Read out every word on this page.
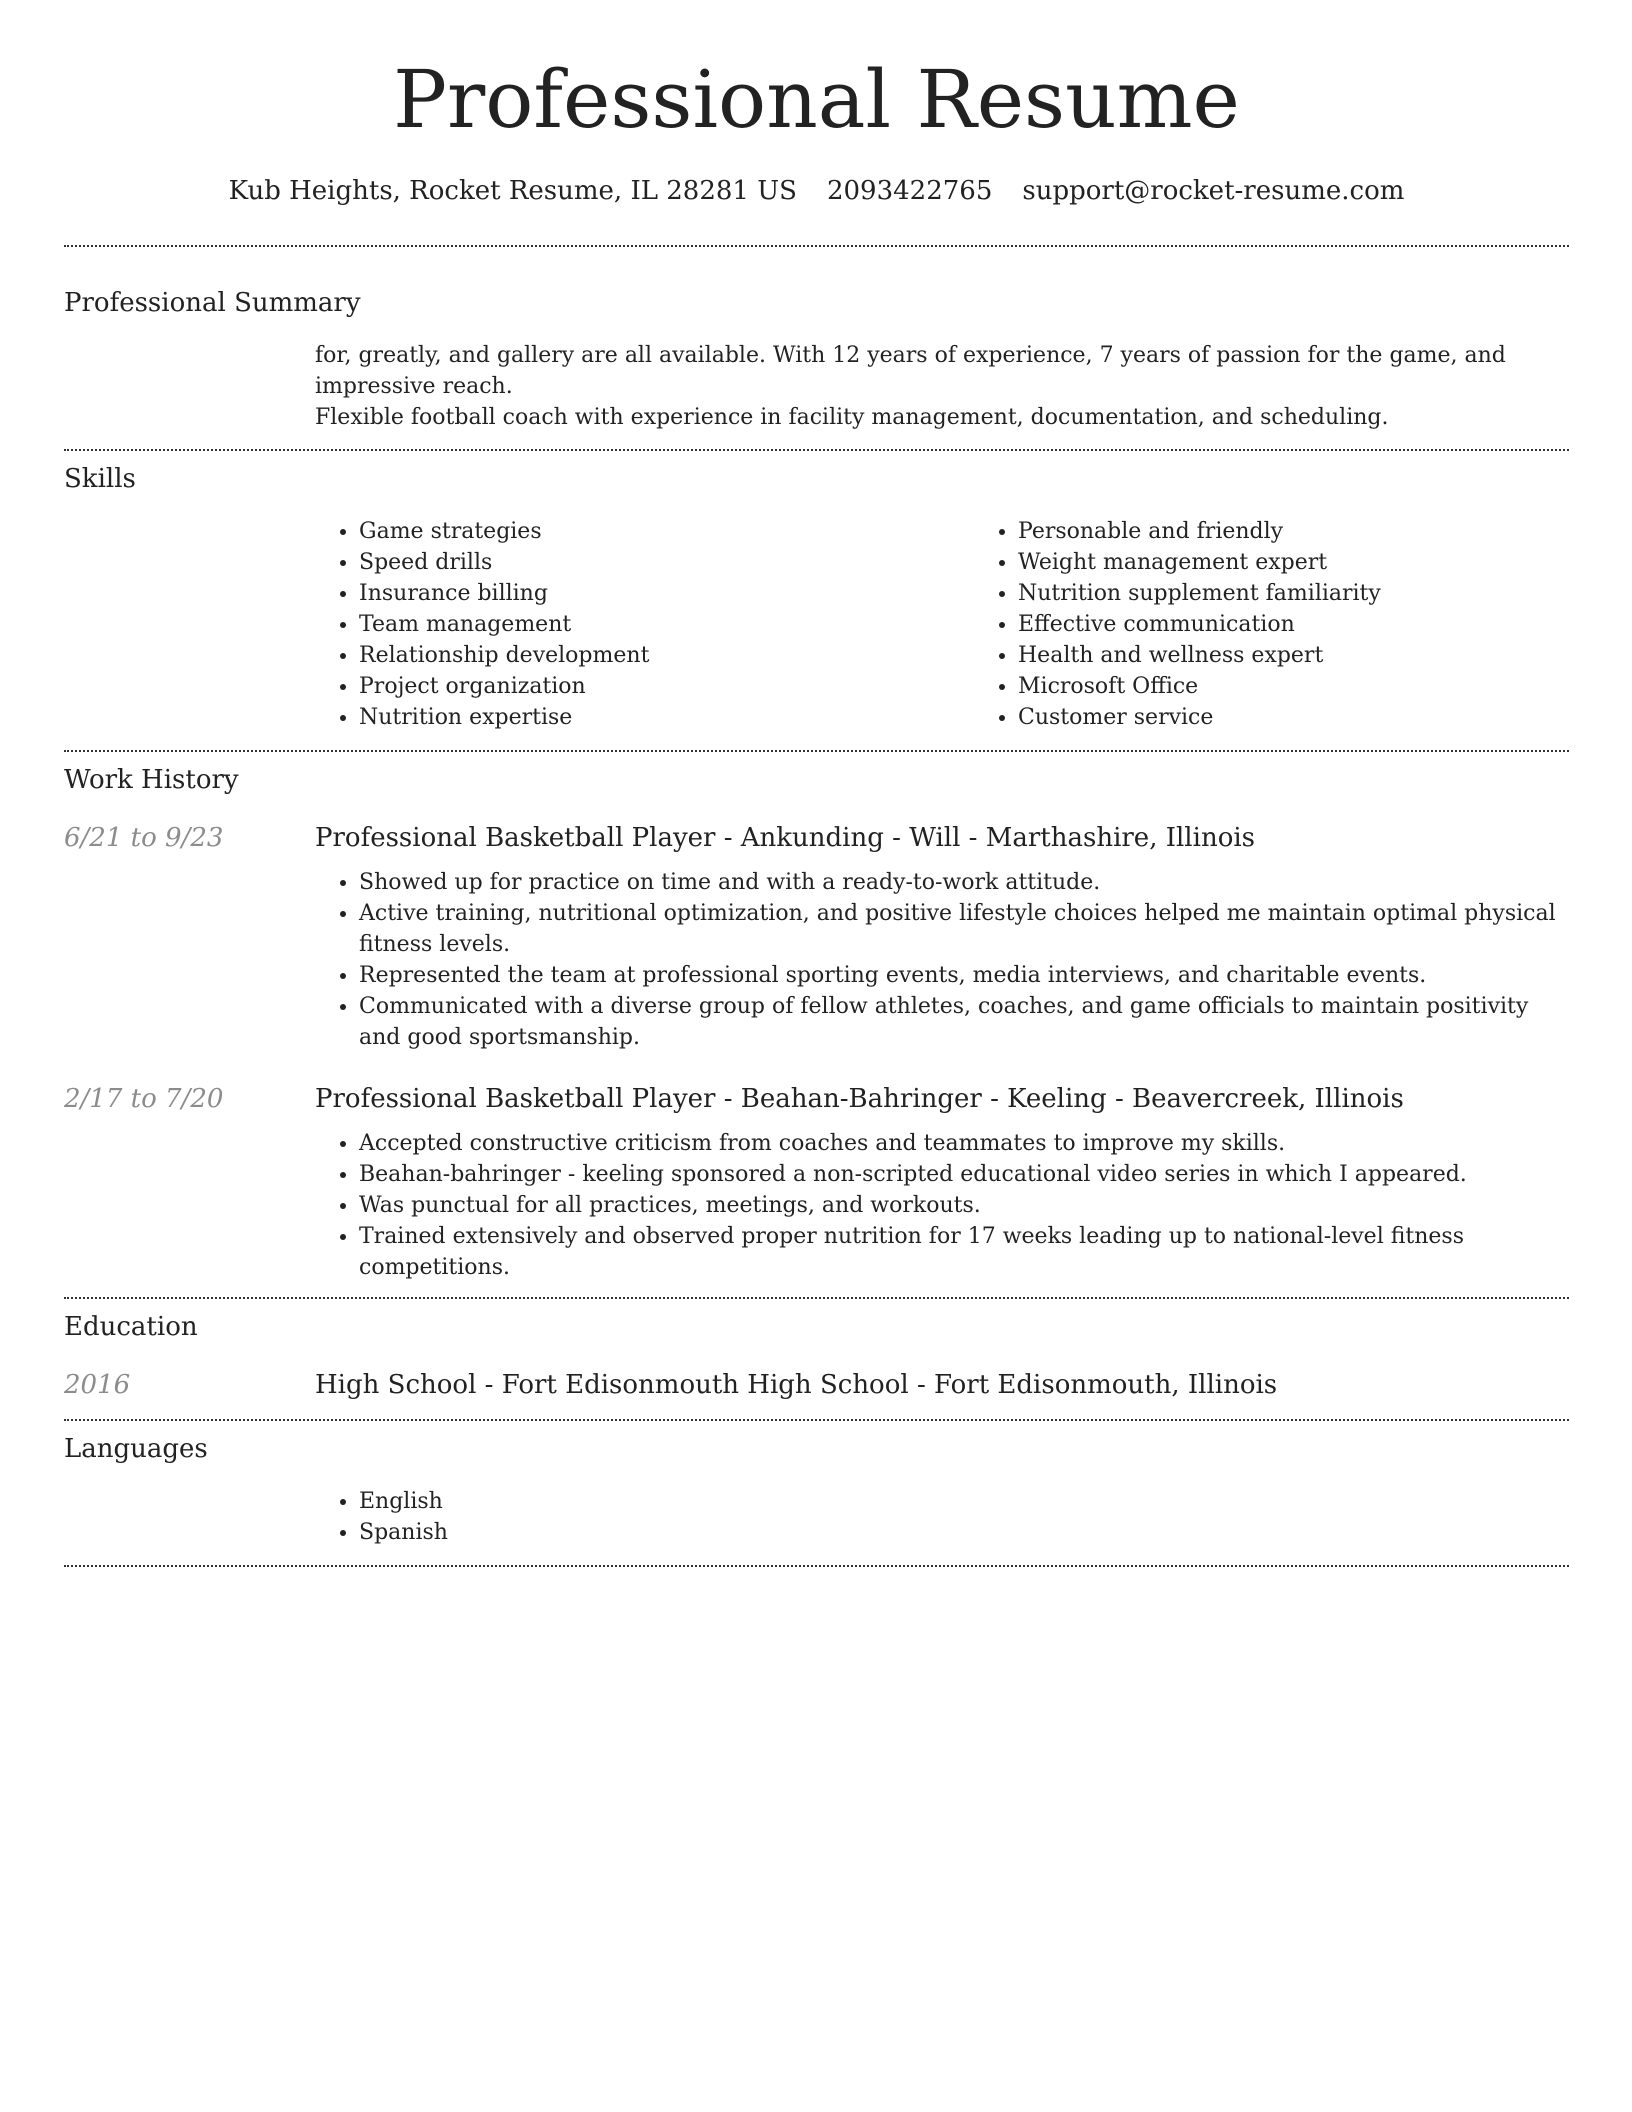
Professional Resume
Kub Heights, Rocket Resume, IL 28281 US 2093422765 support@rocket-resume.com
Professional Summary
for, greatly, and gallery are all available. With 12 years of experience, 7 years of passion for the game, and impressive reach.
Flexible football coach with experience in facility management, documentation, and scheduling.
Skills
• Game strategies
• Speed drills
• Insurance billing
• Team management
• Relationship development
• Project organization
• Nutrition expertise
• Personable and friendly
• Weight management expert
• Nutrition supplement familiarity
• Effective communication
• Health and wellness expert
• Microsoft Office
• Customer service
Work History
6/21 to 9/23	Professional Basketball Player - Ankunding - Will - Marthashire, Illinois
• Showed up for practice on time and with a ready-to-work attitude.
• Active training, nutritional optimization, and positive lifestyle choices helped me maintain optimal physical fitness levels.
• Represented the team at professional sporting events, media interviews, and charitable events.
• Communicated with a diverse group of fellow athletes, coaches, and game officials to maintain positivity and good sportsmanship.
2/17 to 7/20	Professional Basketball Player - Beahan-Bahringer - Keeling - Beavercreek, Illinois
• Accepted constructive criticism from coaches and teammates to improve my skills.
• Beahan-bahringer - keeling sponsored a non-scripted educational video series in which I appeared.
• Was punctual for all practices, meetings, and workouts.
• Trained extensively and observed proper nutrition for 17 weeks leading up to national-level fitness competitions.
Education
2016	High School - Fort Edisonmouth High School - Fort Edisonmouth, Illinois
Languages
• English
• Spanish
